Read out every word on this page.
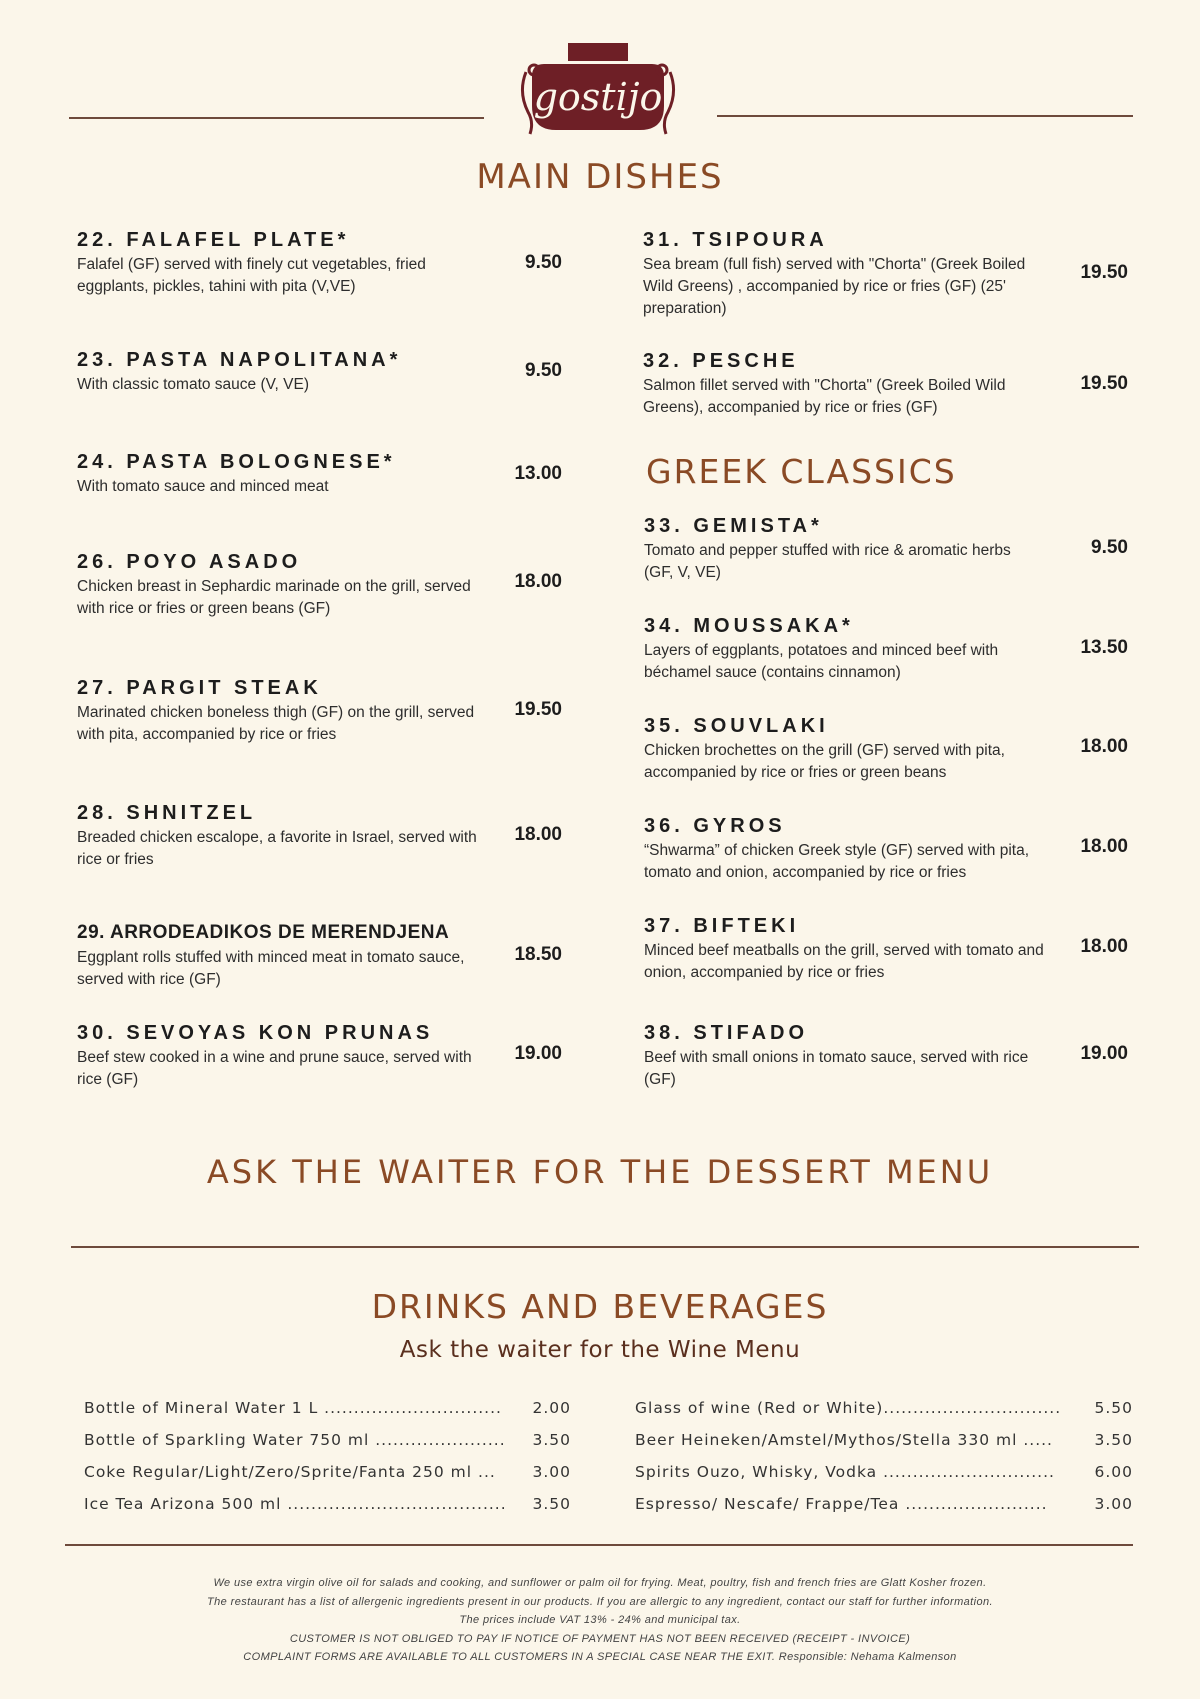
gostijo
MAIN DISHES
22. FALAFEL PLATE*
Falafel (GF) served with finely cut vegetables, fried eggplants, pickles, tahini with pita (V,VE)
9.50
23. PASTA NAPOLITANA*
With classic tomato sauce (V, VE)
9.50
24. PASTA BOLOGNESE*
With tomato sauce and minced meat
13.00
26. POYO ASADO
Chicken breast in Sephardic marinade on the grill, served with rice or fries or green beans (GF)
18.00
27. PARGIT STEAK
Marinated chicken boneless thigh (GF) on the grill, served with pita, accompanied by rice or fries
19.50
28. SHNITZEL
Breaded chicken escalope, a favorite in Israel, served with rice or fries
18.00
29. ARRODEADIKOS DE MERENDJENA
Eggplant rolls stuffed with minced meat in tomato sauce, served with rice (GF)
18.50
30. SEVOYAS KON PRUNAS
Beef stew cooked in a wine and prune sauce, served with rice (GF)
19.00
31. TSIPOURA
Sea bream (full fish) served with "Chorta" (Greek Boiled Wild Greens) , accompanied by rice or fries (GF) (25' preparation)
19.50
32. PESCHE
Salmon fillet served with "Chorta" (Greek Boiled Wild Greens), accompanied by rice or fries (GF)
19.50
GREEK CLASSICS
33. GEMISTA*
Tomato and pepper stuffed with rice & aromatic herbs (GF, V, VE)
9.50
34. MOUSSAKA*
Layers of eggplants, potatoes and minced beef with béchamel sauce (contains cinnamon)
13.50
35. SOUVLAKI
Chicken brochettes on the grill (GF) served with pita, accompanied by rice or fries or green beans
18.00
36. GYROS
“Shwarma” of chicken Greek style (GF) served with pita, tomato and onion, accompanied by rice or fries
18.00
37. BIFTEKI
Minced beef meatballs on the grill, served with tomato and onion, accompanied by rice or fries
18.00
38. STIFADO
Beef with small onions in tomato sauce, served with rice (GF)
19.00
ASK THE WAITER FOR THE DESSERT MENU
DRINKS AND BEVERAGES
Ask the waiter for the Wine Menu
Bottle of Mineral Water 1 L ..............................	2.00
Bottle of Sparkling Water 750 ml ......................	3.50
Coke Regular/Light/Zero/Sprite/Fanta 250 ml ...	3.00
Ice Tea Arizona 500 ml .....................................	3.50
Glass of wine (Red or White)..............................	5.50
Beer Heineken/Amstel/Mythos/Stella 330 ml .....	3.50
Spirits Ouzo, Whisky, Vodka .............................	6.00
Espresso/ Nescafe/ Frappe/Tea ........................	3.00
We use extra virgin olive oil for salads and cooking, and sunflower or palm oil for frying. Meat, poultry, fish and french fries are Glatt Kosher frozen.
The restaurant has a list of allergenic ingredients present in our products. If you are allergic to any ingredient, contact our staff for further information.
The prices include VAT 13% - 24% and municipal tax.
CUSTOMER IS NOT OBLIGED TO PAY IF NOTICE OF PAYMENT HAS NOT BEEN RECEIVED (RECEIPT - INVOICE)
COMPLAINT FORMS ARE AVAILABLE TO ALL CUSTOMERS IN A SPECIAL CASE NEAR THE EXIT. Responsible: Nehama Kalmenson
